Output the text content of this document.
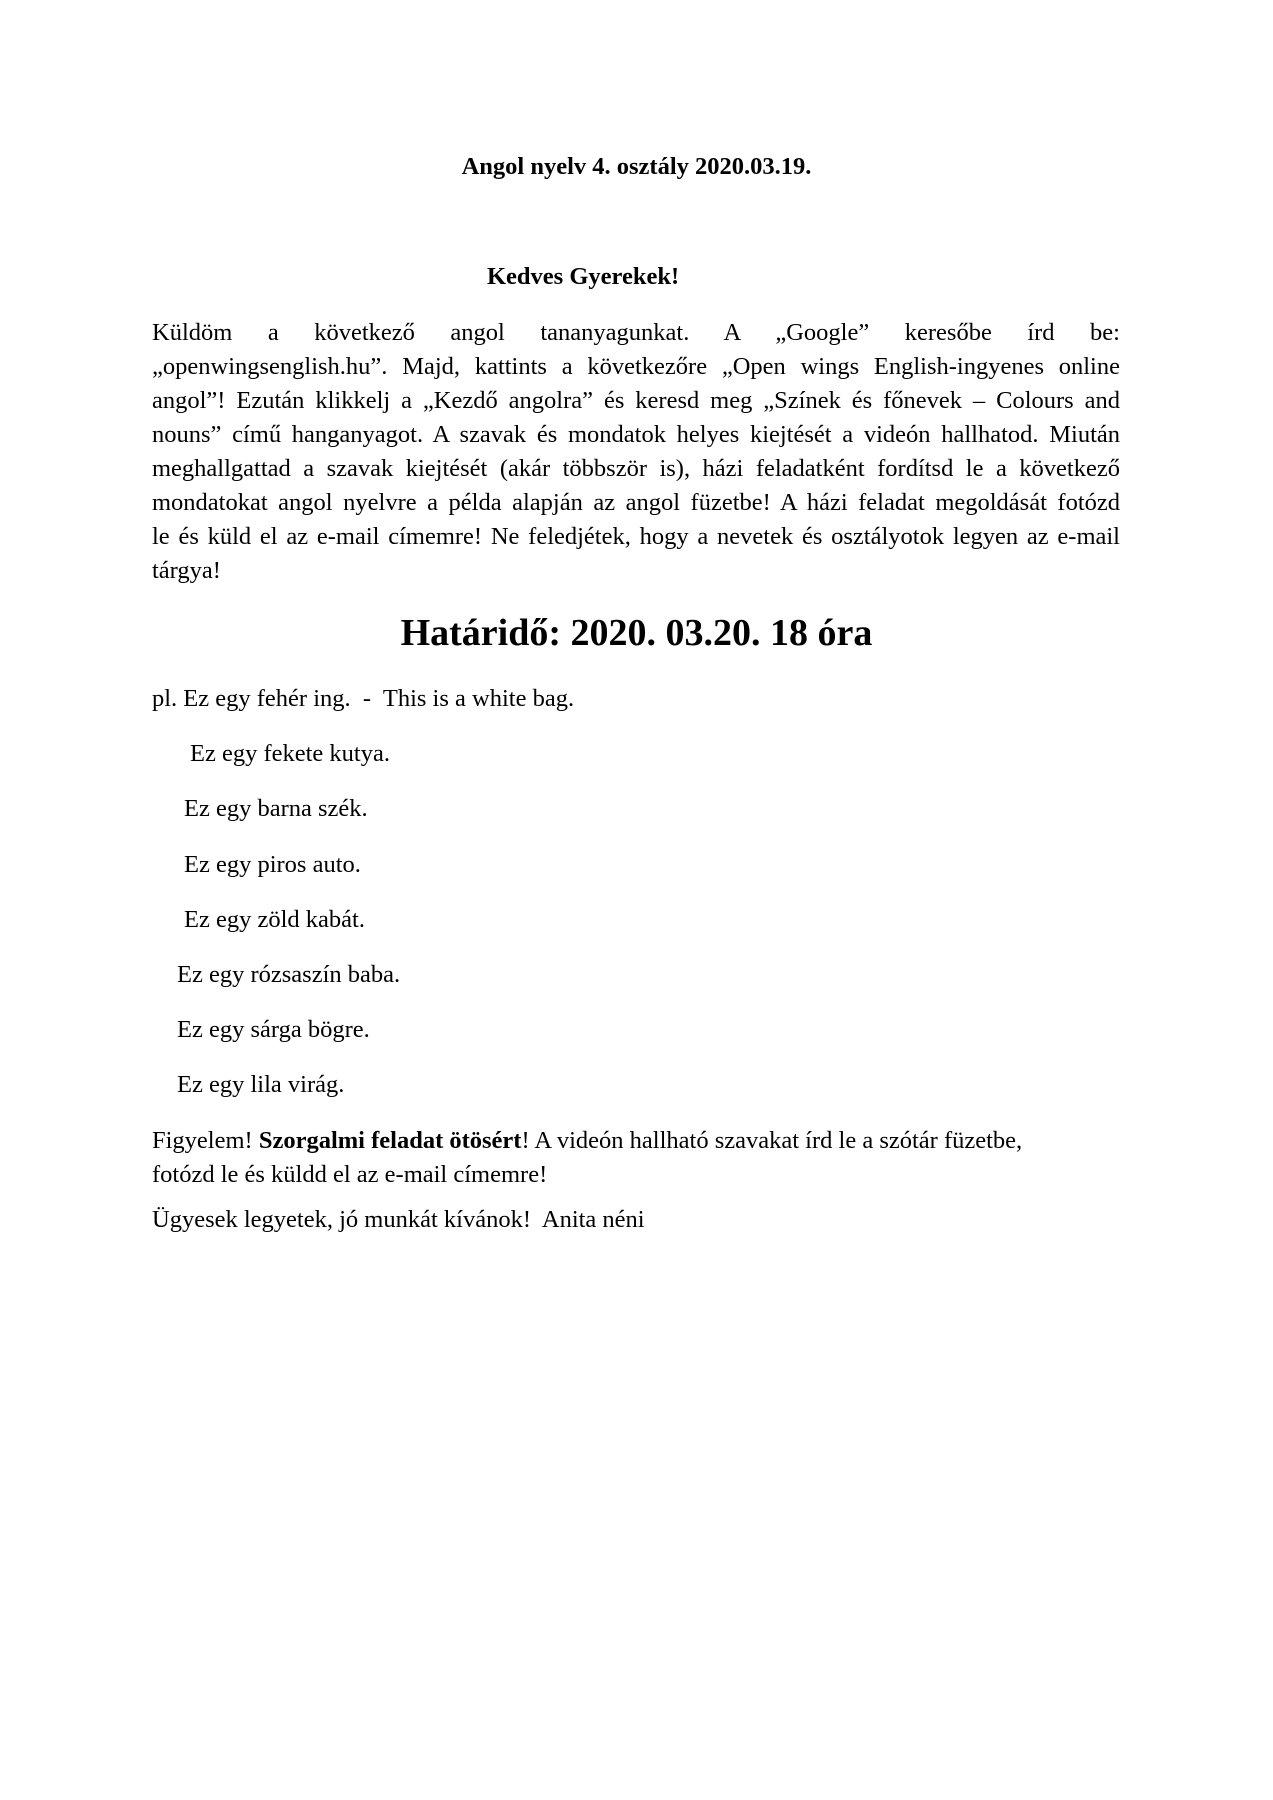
Angol nyelv 4. osztály 2020.03.19.
Kedves Gyerekek!
Küldöm a következő angol tananyagunkat. A „Google” keresőbe írd be:
„openwingsenglish.hu”. Majd, kattints a következőre „Open wings English-ingyenes online
angol”! Ezután klikkelj a „Kezdő angolra” és keresd meg „Színek és főnevek – Colours and
nouns” című hanganyagot. A szavak és mondatok helyes kiejtését a videón hallhatod. Miután
meghallgattad a szavak kiejtését (akár többször is), házi feladatként fordítsd le a következő
mondatokat angol nyelvre a példa alapján az angol füzetbe! A házi feladat megoldását fotózd
le és küld el az e-mail címemre! Ne feledjétek, hogy a nevetek és osztályotok legyen az e-mail
tárgya!
Határidő: 2020. 03.20. 18 óra
pl. Ez egy fehér ing.  -  This is a white bag.
Ez egy fekete kutya.
Ez egy barna szék.
Ez egy piros auto.
Ez egy zöld kabát.
Ez egy rózsaszín baba.
Ez egy sárga bögre.
Ez egy lila virág.
Figyelem! Szorgalmi feladat ötösért! A videón hallható szavakat írd le a szótár füzetbe,
fotózd le és küldd el az e-mail címemre!
Ügyesek legyetek, jó munkát kívánok!  Anita néni
